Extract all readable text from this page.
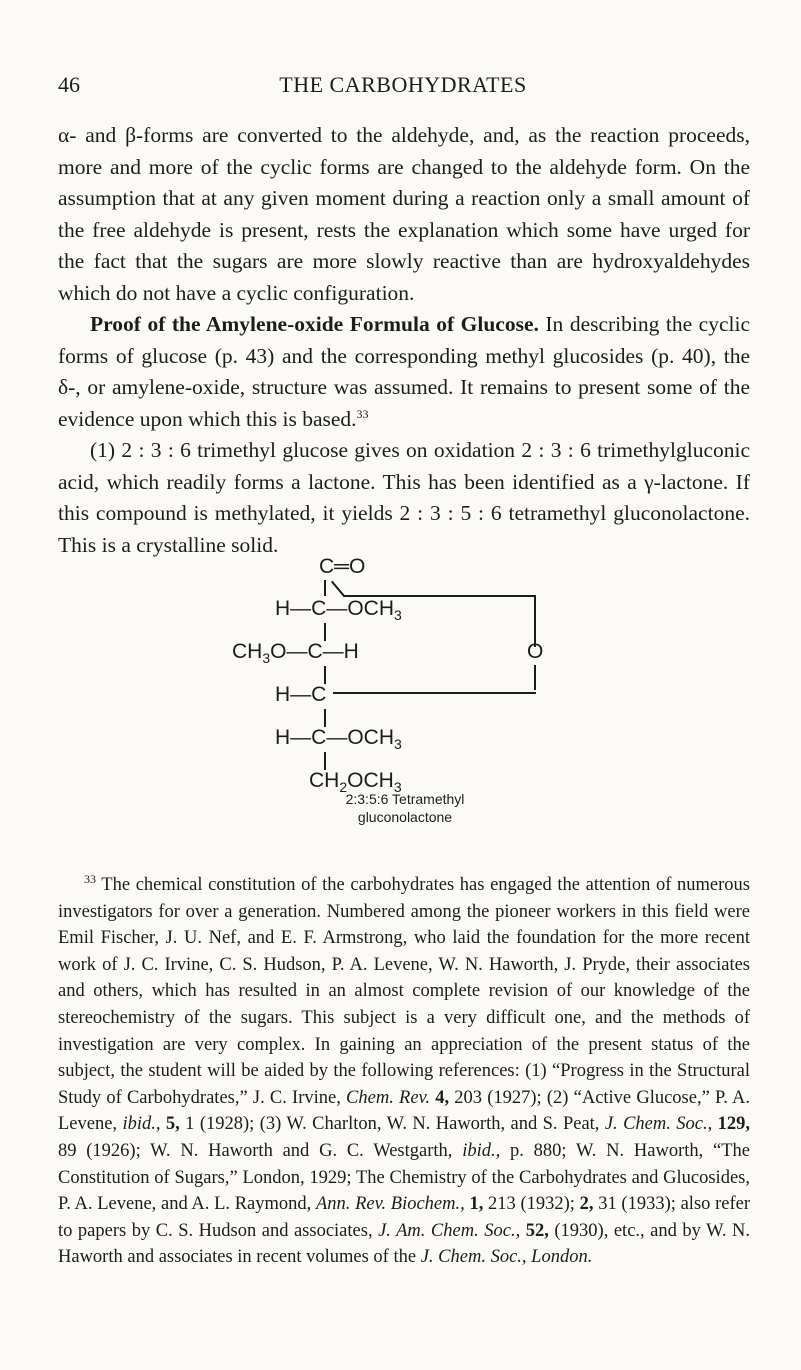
46	THE CARBOHYDRATES

α- and β-forms are converted to the aldehyde, and, as the reaction proceeds, more and more of the cyclic forms are changed to the aldehyde form. On the assumption that at any given moment during a reaction only a small amount of the free aldehyde is present, rests the explanation which some have urged for the fact that the sugars are more slowly reactive than are hydroxyaldehydes which do not have a cyclic configuration.

Proof of the Amylene-oxide Formula of Glucose. In describing the cyclic forms of glucose (p. 43) and the corresponding methyl glucosides (p. 40), the δ-, or amylene-oxide, structure was assumed. It remains to present some of the evidence upon which this is based.$^{33}$

(1) 2 : 3 : 6 trimethyl glucose gives on oxidation 2 : 3 : 6 trimethylgluconic acid, which readily forms a lactone. This has been identified as a γ-lactone. If this compound is methylated, it yields 2 : 3 : 5 : 6 tetramethyl gluconolactone. This is a crystalline solid.

C═O
$H—C—OCH_3$
$CH_3O—C—H$	O
H—C
$H—C—OCH_3$
$CH_2OCH_3$
2:3:5:6 Tetramethyl
gluconolactone
$^{33}$ The chemical constitution of the carbohydrates has engaged the attention of numerous investigators for over a generation. Numbered among the pioneer workers in this field were Emil Fischer, J. U. Nef, and E. F. Armstrong, who laid the foundation for the more recent work of J. C. Irvine, C. S. Hudson, P. A. Levene, W. N. Haworth, J. Pryde, their associates and others, which has resulted in an almost complete revision of our knowledge of the stereochemistry of the sugars. This subject is a very difficult one, and the methods of investigation are very complex. In gaining an appreciation of the present status of the subject, the student will be aided by the following references: (1) “Progress in the Structural Study of Carbohydrates,” J. C. Irvine, Chem. Rev. 4, 203 (1927); (2) “Active Glucose,” P. A. Levene, ibid., 5, 1 (1928); (3) W. Charlton, W. N. Haworth, and S. Peat, J. Chem. Soc., 129, 89 (1926); W. N. Haworth and G. C. Westgarth, ibid., p. 880; W. N. Haworth, “The Constitution of Sugars,” London, 1929; The Chemistry of the Carbohydrates and Glucosides, P. A. Levene, and A. L. Raymond, Ann. Rev. Biochem., 1, 213 (1932); 2, 31 (1933); also refer to papers by C. S. Hudson and associates, J. Am. Chem. Soc., 52, (1930), etc., and by W. N. Haworth and associates in recent volumes of the J. Chem. Soc., London.
